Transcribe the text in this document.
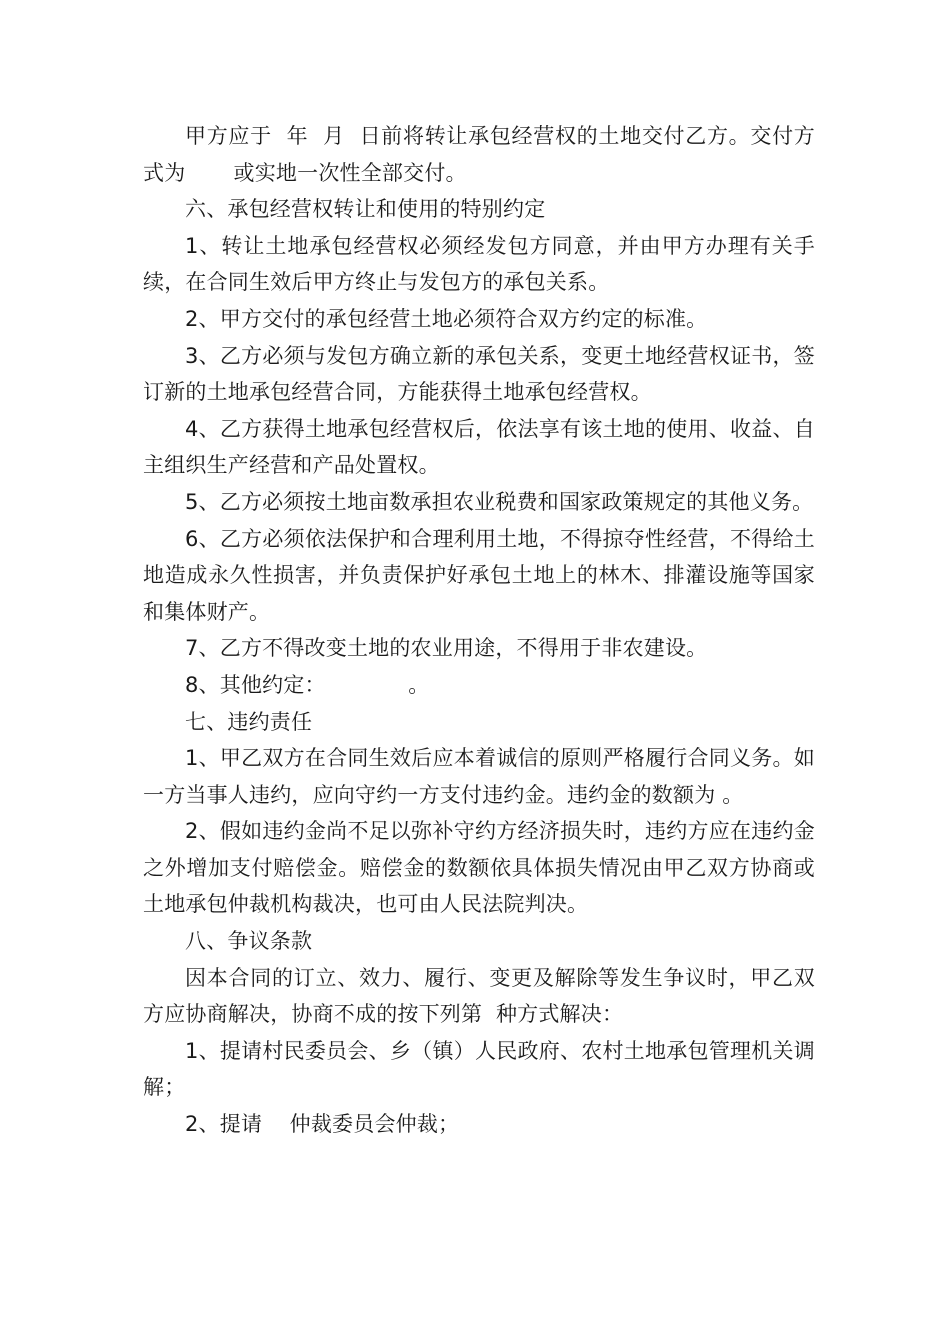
甲方应于  年  月  日前将转让承包经营权的土地交付乙方。交付方式为       或实地一次性全部交付。

六、承包经营权转让和使用的特别约定

1、转让土地承包经营权必须经发包方同意，并由甲方办理有关手续，在合同生效后甲方终止与发包方的承包关系。

2、甲方交付的承包经营土地必须符合双方约定的标准。

3、乙方必须与发包方确立新的承包关系，变更土地经营权证书，签订新的土地承包经营合同，方能获得土地承包经营权。

4、乙方获得土地承包经营权后，依法享有该土地的使用、收益、自主组织生产经营和产品处置权。

5、乙方必须按土地亩数承担农业税费和国家政策规定的其他义务。

6、乙方必须依法保护和合理利用土地，不得掠夺性经营，不得给土地造成永久性损害，并负责保护好承包土地上的林木、排灌设施等国家和集体财产。

7、乙方不得改变土地的农业用途，不得用于非农建设。

8、其他约定：            。

七、违约责任

1、甲乙双方在合同生效后应本着诚信的原则严格履行合同义务。如一方当事人违约，应向守约一方支付违约金。违约金的数额为 。

2、假如违约金尚不足以弥补守约方经济损失时，违约方应在违约金之外增加支付赔偿金。赔偿金的数额依具体损失情况由甲乙双方协商或土地承包仲裁机构裁决，也可由人民法院判决。

八、争议条款

因本合同的订立、效力、履行、变更及解除等发生争议时，甲乙双方应协商解决，协商不成的按下列第  种方式解决：

1、提请村民委员会、乡（镇）人民政府、农村土地承包管理机关调解；

2、提请    仲裁委员会仲裁；
